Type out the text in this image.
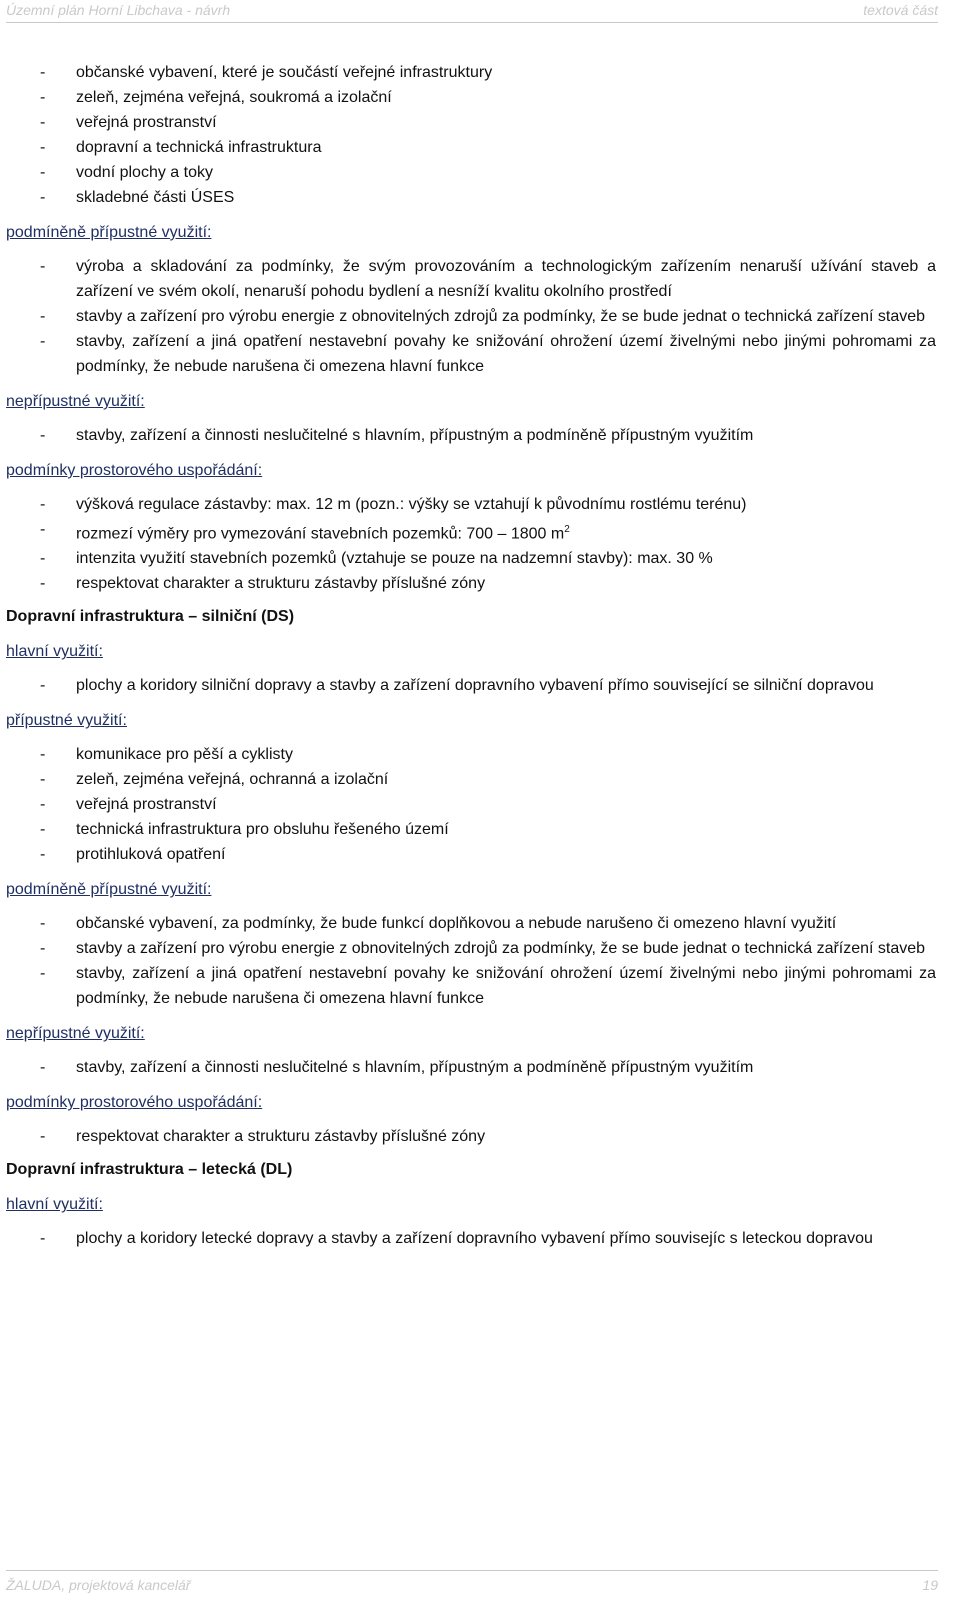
Územní plán Horní Libchava - návrh	textová část
- občanské vybavení, které je součástí veřejné infrastruktury
- zeleň, zejména veřejná, soukromá a izolační
- veřejná prostranství
- dopravní a technická infrastruktura
- vodní plochy a toky
- skladebné části ÚSES
podmíněně přípustné využití:
- výroba a skladování za podmínky, že svým provozováním a technologickým zařízením nenaruší užívání staveb a zařízení ve svém okolí, nenaruší pohodu bydlení a nesníží kvalitu okolního prostředí
- stavby a zařízení pro výrobu energie z obnovitelných zdrojů za podmínky, že se bude jednat o technická zařízení staveb
- stavby, zařízení a jiná opatření nestavební povahy ke snižování ohrožení území živelnými nebo jinými pohromami za podmínky, že nebude narušena či omezena hlavní funkce
nepřípustné využití:
- stavby, zařízení a činnosti neslučitelné s hlavním, přípustným a podmíněně přípustným využitím
podmínky prostorového uspořádání:
- výšková regulace zástavby: max. 12 m (pozn.: výšky se vztahují k původnímu rostlému terénu)
- rozmezí výměry pro vymezování stavebních pozemků: 700 – 1800 $m^2$
- intenzita využití stavebních pozemků (vztahuje se pouze na nadzemní stavby): max. 30 %
- respektovat charakter a strukturu zástavby příslušné zóny
Dopravní infrastruktura – silniční (DS)
hlavní využití:
- plochy a koridory silniční dopravy a stavby a zařízení dopravního vybavení přímo související se silniční dopravou
přípustné využití:
- komunikace pro pěší a cyklisty
- zeleň, zejména veřejná, ochranná a izolační
- veřejná prostranství
- technická infrastruktura pro obsluhu řešeného území
- protihluková opatření
podmíněně přípustné využití:
- občanské vybavení, za podmínky, že bude funkcí doplňkovou a nebude narušeno či omezeno hlavní využití
- stavby a zařízení pro výrobu energie z obnovitelných zdrojů za podmínky, že se bude jednat o technická zařízení staveb
- stavby, zařízení a jiná opatření nestavební povahy ke snižování ohrožení území živelnými nebo jinými pohromami za podmínky, že nebude narušena či omezena hlavní funkce
nepřípustné využití:
- stavby, zařízení a činnosti neslučitelné s hlavním, přípustným a podmíněně přípustným využitím
podmínky prostorového uspořádání:
- respektovat charakter a strukturu zástavby příslušné zóny
Dopravní infrastruktura – letecká (DL)
hlavní využití:
- plochy a koridory letecké dopravy a stavby a zařízení dopravního vybavení přímo souvisejíc s leteckou dopravou
ŽALUDA, projektová kancelář	19
